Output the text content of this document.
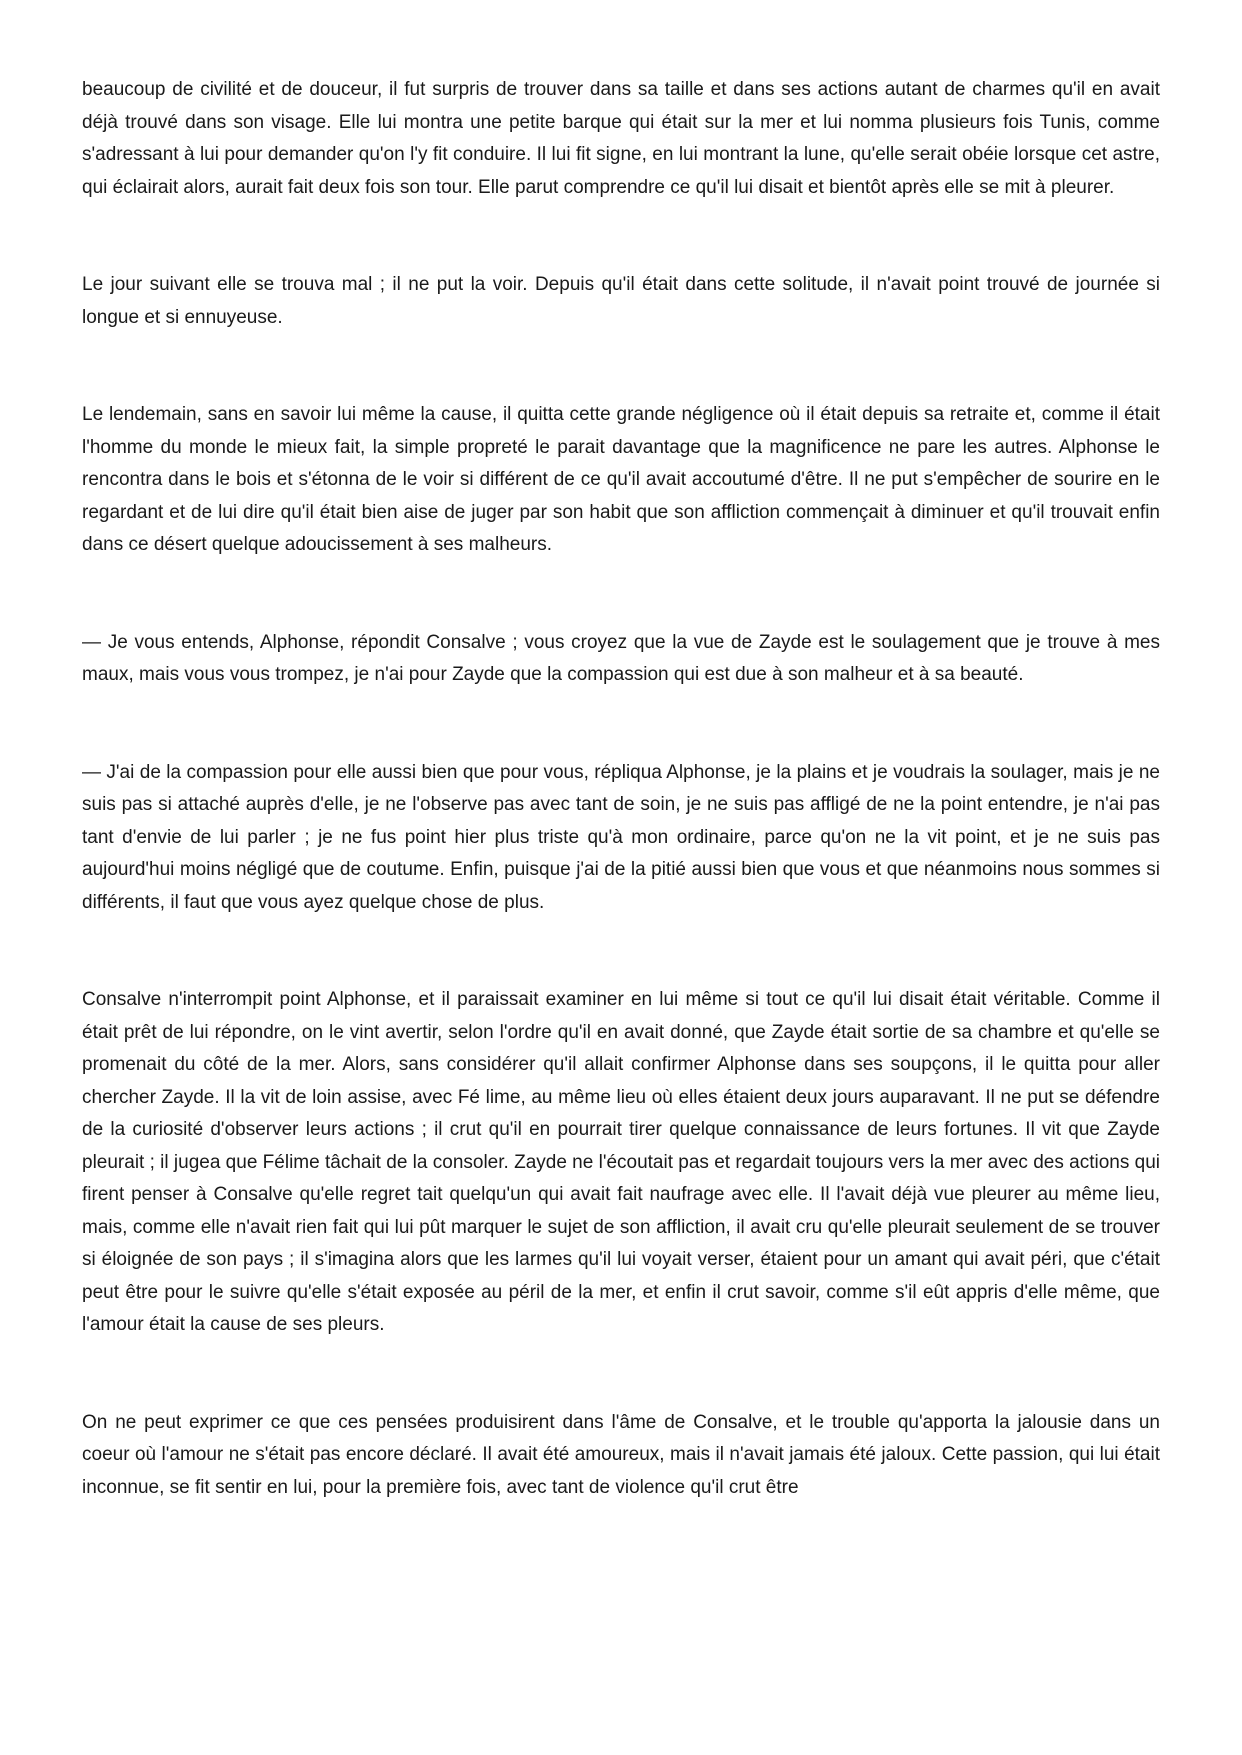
beaucoup de civilité et de douceur, il fut surpris de trouver dans sa taille et dans ses actions autant de charmes qu'il en avait déjà trouvé dans son visage. Elle lui montra une petite barque qui était sur la mer et lui nomma plusieurs fois Tunis, comme s'adressant à lui pour demander qu'on l'y fit conduire. Il lui fit signe, en lui montrant la lune, qu'elle serait obéie lorsque cet astre, qui éclairait alors, aurait fait deux fois son tour. Elle parut comprendre ce qu'il lui disait et bientôt après elle se mit à pleurer.

Le jour suivant elle se trouva mal ; il ne put la voir. Depuis qu'il était dans cette solitude, il n'avait point trouvé de journée si longue et si ennuyeuse.

Le lendemain, sans en savoir lui même la cause, il quitta cette grande négligence où il était depuis sa retraite et, comme il était l'homme du monde le mieux fait, la simple propreté le parait davantage que la magnificence ne pare les autres. Alphonse le rencontra dans le bois et s'étonna de le voir si différent de ce qu'il avait accoutumé d'être. Il ne put s'empêcher de sourire en le regardant et de lui dire qu'il était bien aise de juger par son habit que son affliction commençait à diminuer et qu'il trouvait enfin dans ce désert quelque adoucissement à ses malheurs.

— Je vous entends, Alphonse, répondit Consalve ; vous croyez que la vue de Zayde est le soulagement que je trouve à mes maux, mais vous vous trompez, je n'ai pour Zayde que la compassion qui est due à son malheur et à sa beauté.

— J'ai de la compassion pour elle aussi bien que pour vous, répliqua Alphonse, je la plains et je voudrais la soulager, mais je ne suis pas si attaché auprès d'elle, je ne l'observe pas avec tant de soin, je ne suis pas affligé de ne la point entendre, je n'ai pas tant d'envie de lui parler ; je ne fus point hier plus triste qu'à mon ordinaire, parce qu'on ne la vit point, et je ne suis pas aujourd'hui moins négligé que de coutume. Enfin, puisque j'ai de la pitié aussi bien que vous et que néanmoins nous sommes si différents, il faut que vous ayez quelque chose de plus.

Consalve n'interrompit point Alphonse, et il paraissait examiner en lui même si tout ce qu'il lui disait était véritable. Comme il était prêt de lui répondre, on le vint avertir, selon l'ordre qu'il en avait donné, que Zayde était sortie de sa chambre et qu'elle se promenait du côté de la mer. Alors, sans considérer qu'il allait confirmer Alphonse dans ses soupçons, il le quitta pour aller chercher Zayde. Il la vit de loin assise, avec Fé lime, au même lieu où elles étaient deux jours auparavant. Il ne put se défendre de la curiosité d'observer leurs actions ; il crut qu'il en pourrait tirer quelque connaissance de leurs fortunes. Il vit que Zayde pleurait ; il jugea que Félime tâchait de la consoler. Zayde ne l'écoutait pas et regardait toujours vers la mer avec des actions qui firent penser à Consalve qu'elle regret tait quelqu'un qui avait fait naufrage avec elle. Il l'avait déjà vue pleurer au même lieu, mais, comme elle n'avait rien fait qui lui pût marquer le sujet de son affliction, il avait cru qu'elle pleurait seulement de se trouver si éloignée de son pays ; il s'imagina alors que les larmes qu'il lui voyait verser, étaient pour un amant qui avait péri, que c'était peut être pour le suivre qu'elle s'était exposée au péril de la mer, et enfin il crut savoir, comme s'il eût appris d'elle même, que l'amour était la cause de ses pleurs.

On ne peut exprimer ce que ces pensées produisirent dans l'âme de Consalve, et le trouble qu'apporta la jalousie dans un coeur où l'amour ne s'était pas encore déclaré. Il avait été amoureux, mais il n'avait jamais été jaloux. Cette passion, qui lui était inconnue, se fit sentir en lui, pour la première fois, avec tant de violence qu'il crut être
